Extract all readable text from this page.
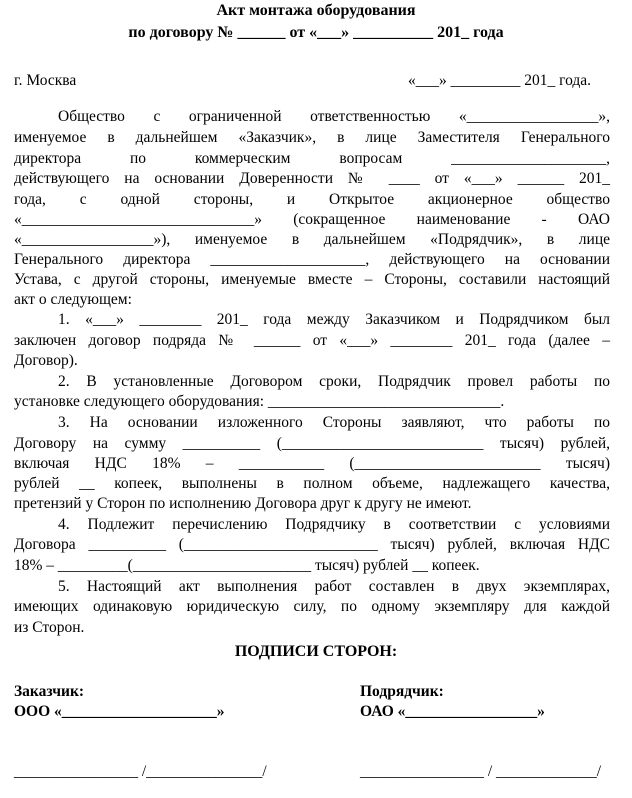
Акт монтажа оборудования
по договору № ______ от «___» __________ 201_ года
г. Москва	«___» _________ 201_ года.
Общество с ограниченной ответственностью «_________________»,
именуемое в дальнейшем «Заказчик», в лице Заместителя Генерального
директора по коммерческим вопросам ____________________,
действующего на основании Доверенности № ____ от «___» ______ 201_
года, с одной стороны, и Открытое акционерное общество
«______________________________» (сокращенное наименование - ОАО
«_________________»), именуемое в дальнейшем «Подрядчик», в лице
Генерального директора ____________________, действующего на основании
Устава, с другой стороны, именуемые вместе – Стороны, составили настоящий
акт о следующем:
1. «___» ________ 201_ года между Заказчиком и Подрядчиком был
заключен договор подряда № ______ от «___» ________ 201_ года (далее –
Договор).
2. В установленные Договором сроки, Подрядчик провел работы по
установке следующего оборудования: ______________________________.
3. На основании изложенного Стороны заявляют, что работы по
Договору на сумму __________ (__________________________ тысяч) рублей,
включая НДС 18% – ___________ (________________________ тысяч)
рублей __ копеек, выполнены в полном объеме, надлежащего качества,
претензий у Сторон по исполнению Договора друг к другу не имеют.
4. Подлежит перечислению Подрядчику в соответствии с условиями
Договора __________ (_________________________ тысяч) рублей, включая НДС
18% – _________(_______________________ тысяч) рублей __ копеек.
5. Настоящий акт выполнения работ составлен в двух экземплярах,
имеющих одинаковую юридическую силу, по одному экземпляру для каждой
из Сторон.
ПОДПИСИ СТОРОН:
Заказчик:
ООО «____________________»
________________ /_______________/
Подрядчик:
ОАО «_________________»
________________ / _____________/
